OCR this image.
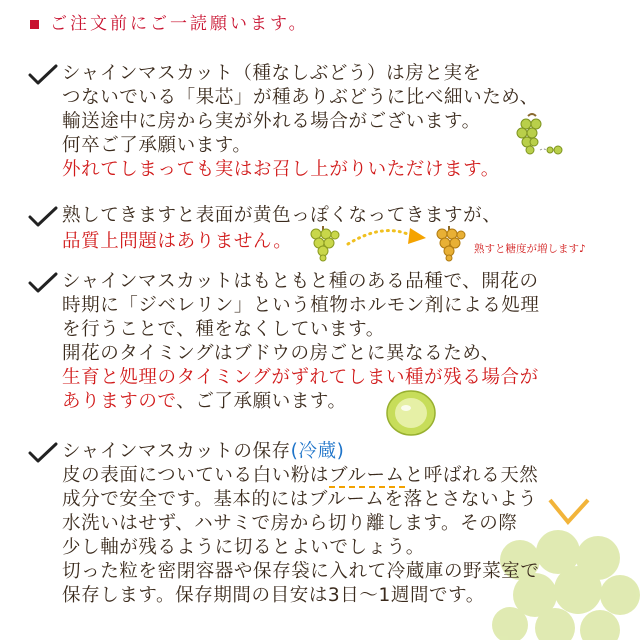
ご注文前にご一読願います。
シャインマスカット（種なしぶどう）は房と実を
つないでいる「果芯」が種ありぶどうに比べ細いため、
輸送途中に房から実が外れる場合がございます。
何卒ご了承願います。
外れてしまっても実はお召し上がりいただけます。
熟してきますと表面が黄色っぽくなってきますが、
品質上問題はありません。	熟すと糖度が増します♪
シャインマスカットはもともと種のある品種で、開花の
時期に「ジベレリン」という植物ホルモン剤による処理
を行うことで、種をなくしています。
開花のタイミングはブドウの房ごとに異なるため、
生育と処理のタイミングがずれてしまい種が残る場合が
ありますので、ご了承願います。
シャインマスカットの保存(冷蔵)
皮の表面についている白い粉はブルームと呼ばれる天然
成分で安全です。基本的にはブルームを落とさないよう
水洗いはせず、ハサミで房から切り離します。その際
少し軸が残るように切るとよいでしょう。
切った粒を密閉容器や保存袋に入れて冷蔵庫の野菜室で
保存します。保存期間の目安は3日〜1週間です。
